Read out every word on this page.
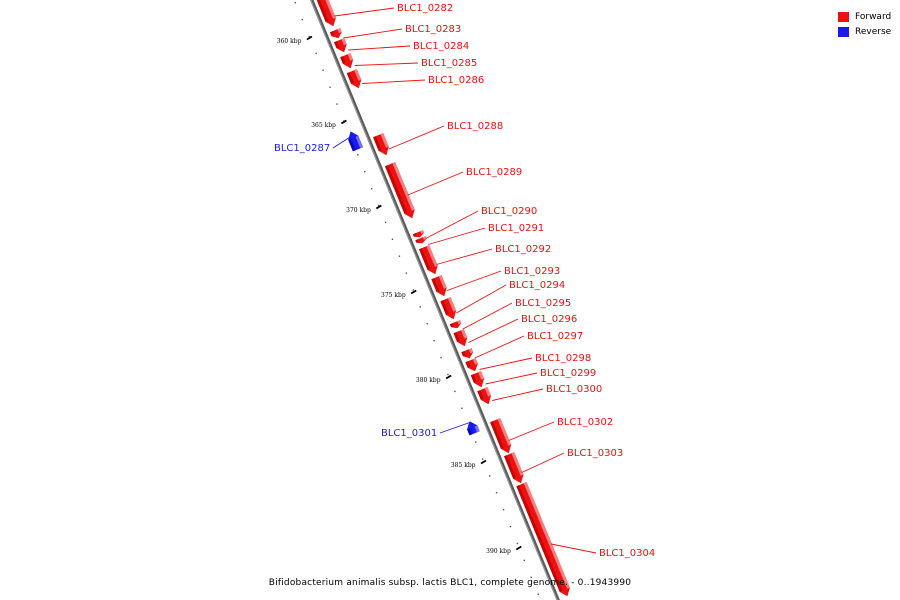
360 kbp
365 kbp
370 kbp
375 kbp
380 kbp
385 kbp
390 kbp
BLC1_0282
BLC1_0283
BLC1_0284
BLC1_0285
BLC1_0286
BLC1_0287
BLC1_0288
BLC1_0289
BLC1_0290
BLC1_0291
BLC1_0292
BLC1_0293
BLC1_0294
BLC1_0295
BLC1_0296
BLC1_0297
BLC1_0298
BLC1_0299
BLC1_0300
BLC1_0301
BLC1_0302
BLC1_0303
BLC1_0304
Forward
Reverse
Bifidobacterium animalis subsp. lactis BLC1, complete genome. - 0..1943990
